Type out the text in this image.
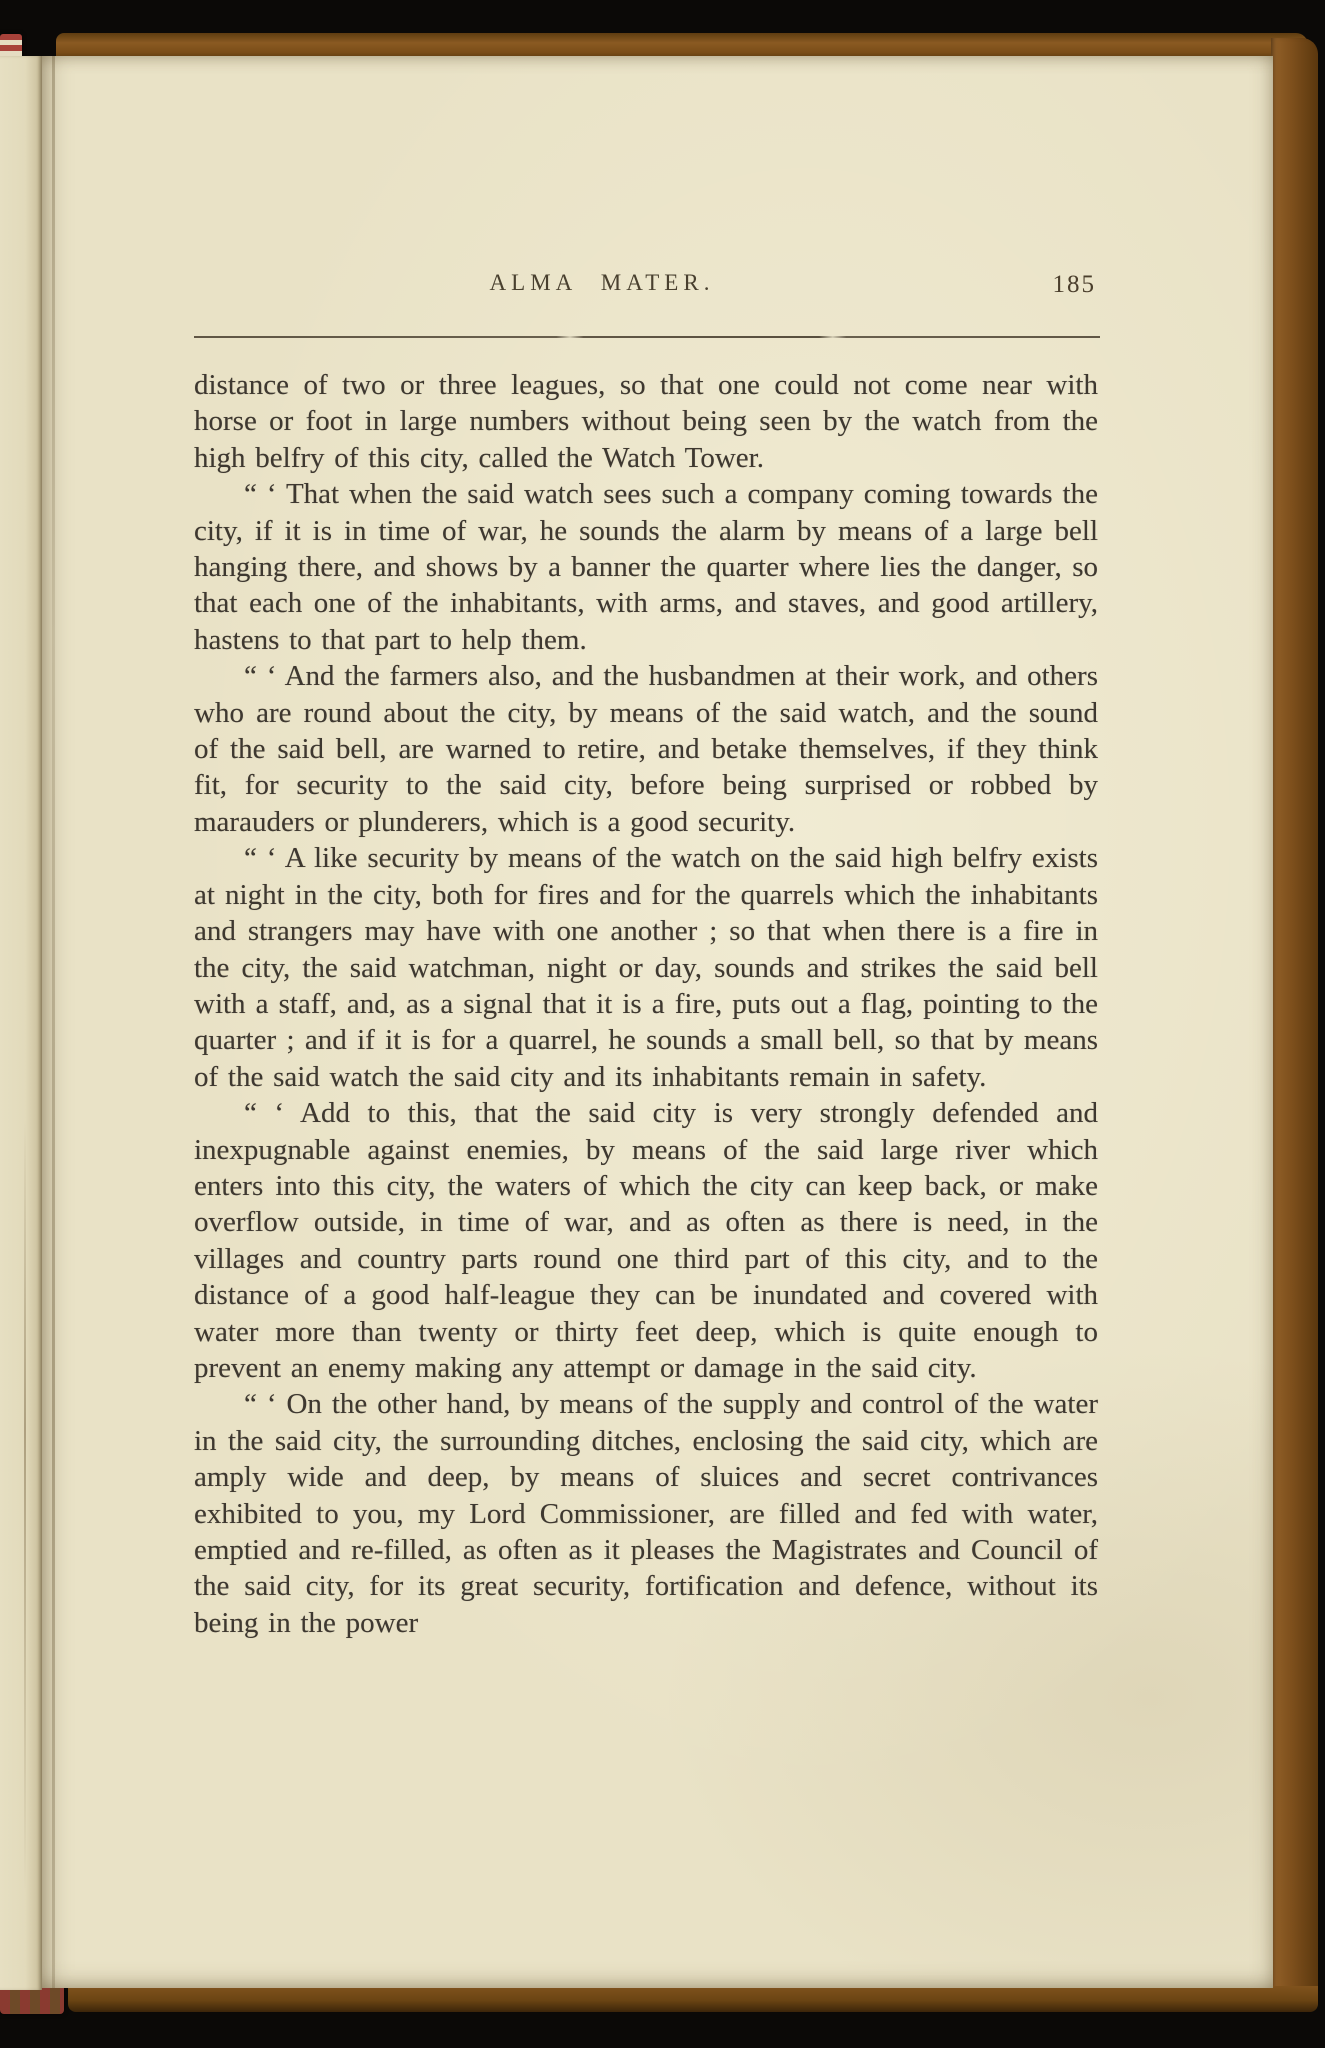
ALMA MATER.	185

distance of two or three leagues, so that one could not come near with horse or foot in large numbers without being seen by the watch from the high belfry of this city, called the Watch Tower.

“ ‘ That when the said watch sees such a company coming towards the city, if it is in time of war, he sounds the alarm by means of a large bell hanging there, and shows by a banner the quarter where lies the danger, so that each one of the inhabitants, with arms, and staves, and good artillery, hastens to that part to help them.

“ ‘ And the farmers also, and the husbandmen at their work, and others who are round about the city, by means of the said watch, and the sound of the said bell, are warned to retire, and betake themselves, if they think fit, for security to the said city, before being surprised or robbed by marauders or plunderers, which is a good security.

“ ‘ A like security by means of the watch on the said high belfry exists at night in the city, both for fires and for the quarrels which the inhabitants and strangers may have with one another ; so that when there is a fire in the city, the said watchman, night or day, sounds and strikes the said bell with a staff, and, as a signal that it is a fire, puts out a flag, pointing to the quarter ; and if it is for a quarrel, he sounds a small bell, so that by means of the said watch the said city and its inhabitants remain in safety.

“ ‘ Add to this, that the said city is very strongly defended and inexpugnable against enemies, by means of the said large river which enters into this city, the waters of which the city can keep back, or make overflow outside, in time of war, and as often as there is need, in the villages and country parts round one third part of this city, and to the distance of a good half-league they can be inundated and covered with water more than twenty or thirty feet deep, which is quite enough to prevent an enemy making any attempt or damage in the said city.

“ ‘ On the other hand, by means of the supply and control of the water in the said city, the surrounding ditches, enclosing the said city, which are amply wide and deep, by means of sluices and secret contrivances exhibited to you, my Lord Commissioner, are filled and fed with water, emptied and re-filled, as often as it pleases the Magistrates and Council of the said city, for its great security, fortification and defence, without its being in the power
